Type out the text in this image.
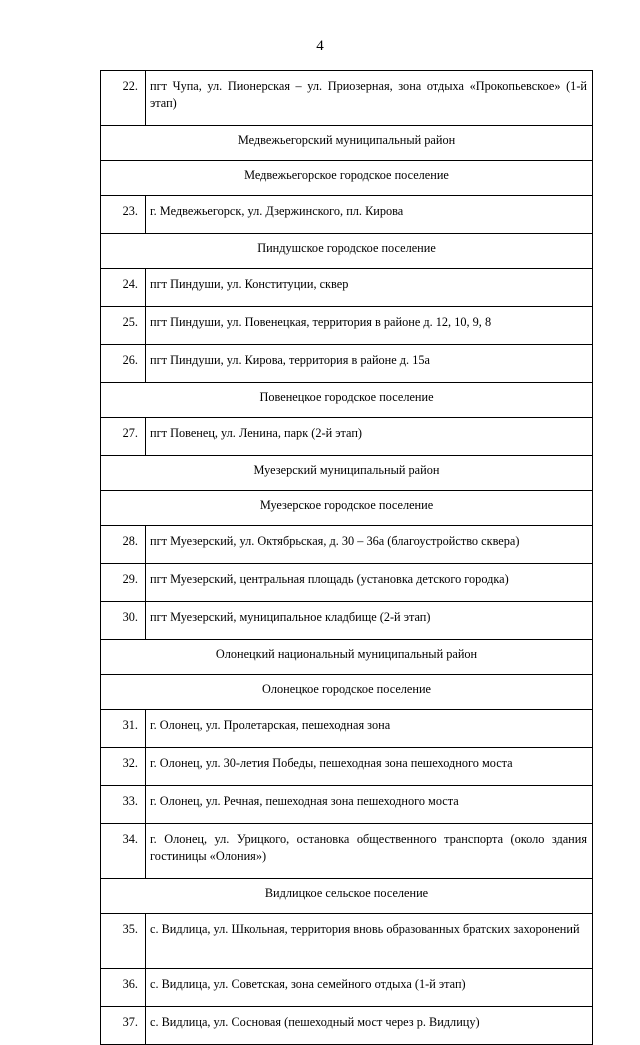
4
22.	пгт Чупа, ул. Пионерская – ул. Приозерная, зона отдыха «Прокопьевское» (1-й этап)
Медвежьегорский муниципальный район	
Медвежьегорское городское поселение	
23.	г. Медвежьегорск, ул. Дзержинского, пл. Кирова
Пиндушское городское поселение	
24.	пгт Пиндуши, ул. Конституции, сквер
25.	пгт Пиндуши, ул. Повенецкая, территория в районе д. 12, 10, 9, 8
26.	пгт Пиндуши, ул. Кирова, территория в районе д. 15а
Повенецкое городское поселение	
27.	пгт Повенец, ул. Ленина, парк (2-й этап)
Муезерский муниципальный район	
Муезерское городское поселение	
28.	пгт Муезерский, ул. Октябрьская, д. 30 – 36а (благоустройство сквера)
29.	пгт Муезерский, центральная площадь (установка детского городка)
30.	пгт Муезерский, муниципальное кладбище (2-й этап)
Олонецкий национальный муниципальный район	
Олонецкое городское поселение	
31.	г. Олонец, ул. Пролетарская, пешеходная зона
32.	г. Олонец, ул. 30-летия Победы, пешеходная зона пешеходного моста
33.	г. Олонец, ул. Речная, пешеходная зона пешеходного моста
34.	г. Олонец, ул. Урицкого, остановка общественного транспорта (около здания гостиницы «Олония»)
Видлицкое сельское поселение	
35.	с. Видлица, ул. Школьная, территория вновь образованных братских захоронений
36.	с. Видлица, ул. Советская, зона семейного отдыха (1-й этап)
37.	с. Видлица, ул. Сосновая (пешеходный мост через р. Видлицу)
